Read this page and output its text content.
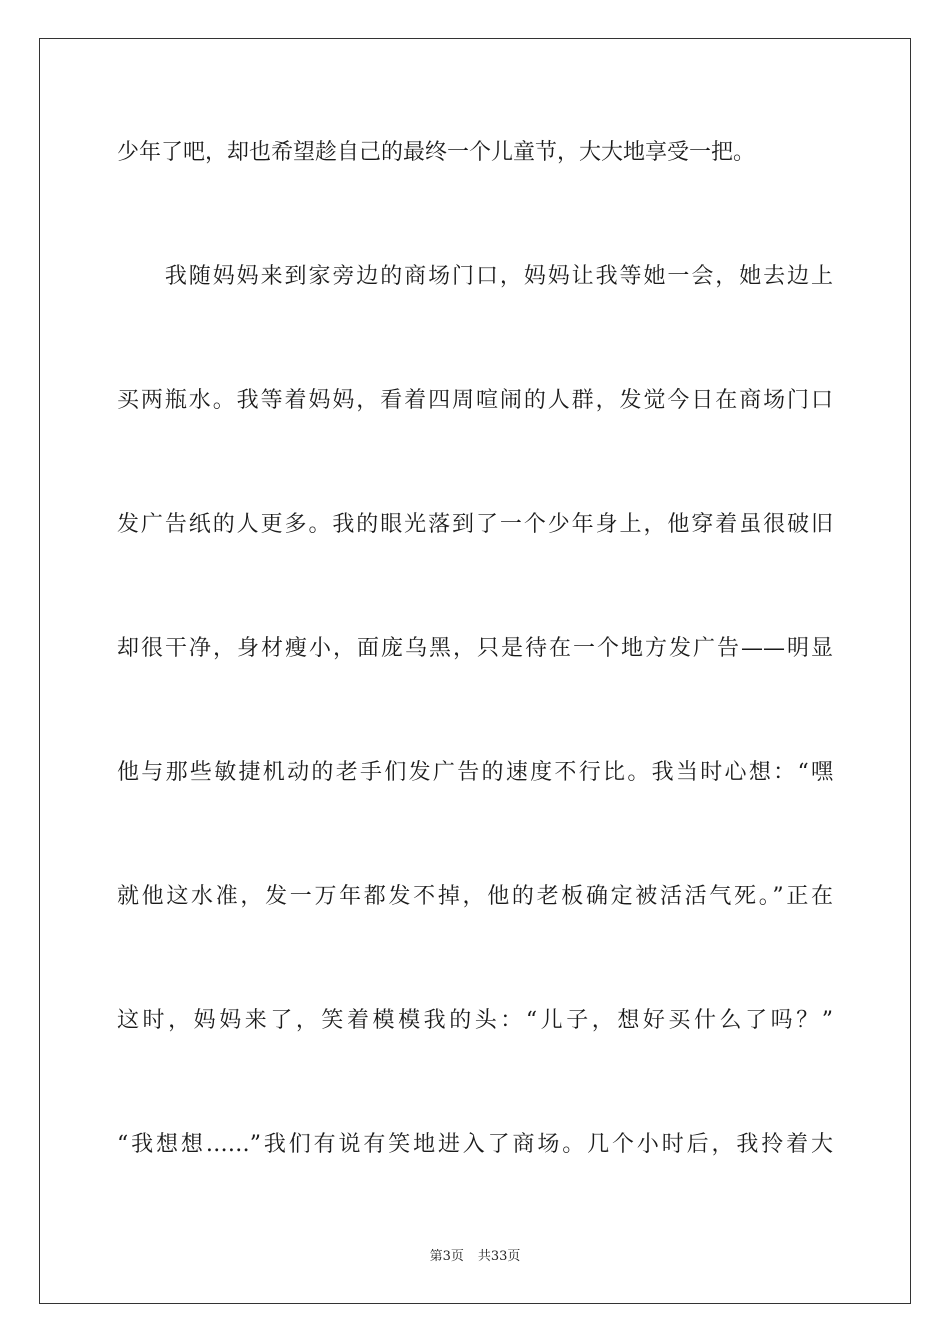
少年了吧，却也希望趁自己的最终一个儿童节，大大地享受一把。
　　我随妈妈来到家旁边的商场门口，妈妈让我等她一会，她去边上
买两瓶水。我等着妈妈，看着四周喧闹的人群，发觉今日在商场门口
发广告纸的人更多。我的眼光落到了一个少年身上，他穿着虽很破旧
却很干净，身材瘦小，面庞乌黑，只是待在一个地方发广告——明显
他与那些敏捷机动的老手们发广告的速度不行比。我当时心想：“嘿
就他这水准，发一万年都发不掉，他的老板确定被活活气死。”正在
这时，妈妈来了，笑着模模我的头：“儿子，想好买什么了吗？”
“我想想……”我们有说有笑地进入了商场。几个小时后，我拎着大
第3页 共33页
